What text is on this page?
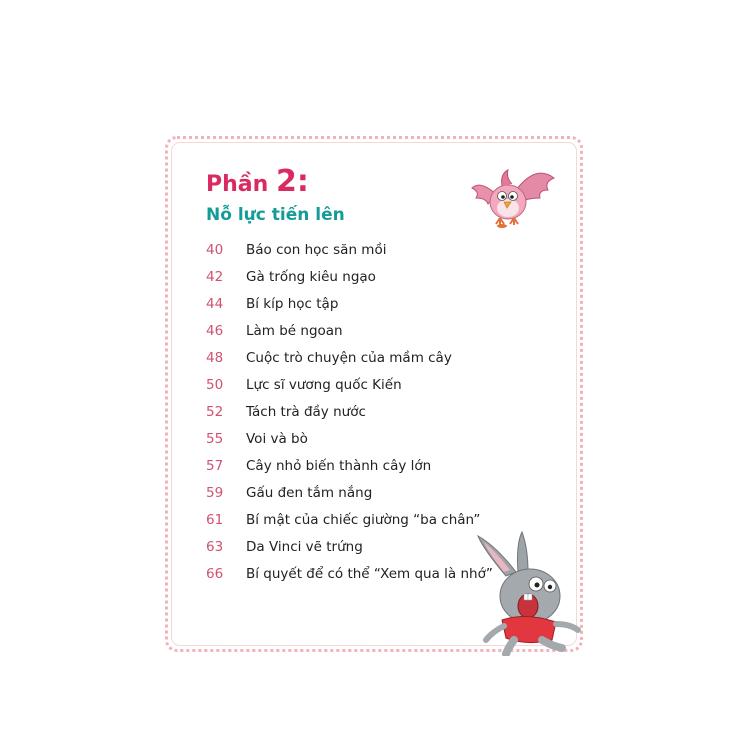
Phần 2:
Nỗ lực tiến lên
40	Báo con học săn mồi
42	Gà trống kiêu ngạo
44	Bí kíp học tập
46	Làm bé ngoan
48	Cuộc trò chuyện của mầm cây
50	Lực sĩ vương quốc Kiến
52	Tách trà đầy nước
55	Voi và bò
57	Cây nhỏ biến thành cây lớn
59	Gấu đen tắm nắng
61	Bí mật của chiếc giường “ba chân”
63	Da Vinci vẽ trứng
66	Bí quyết để có thể “Xem qua là nhớ”
